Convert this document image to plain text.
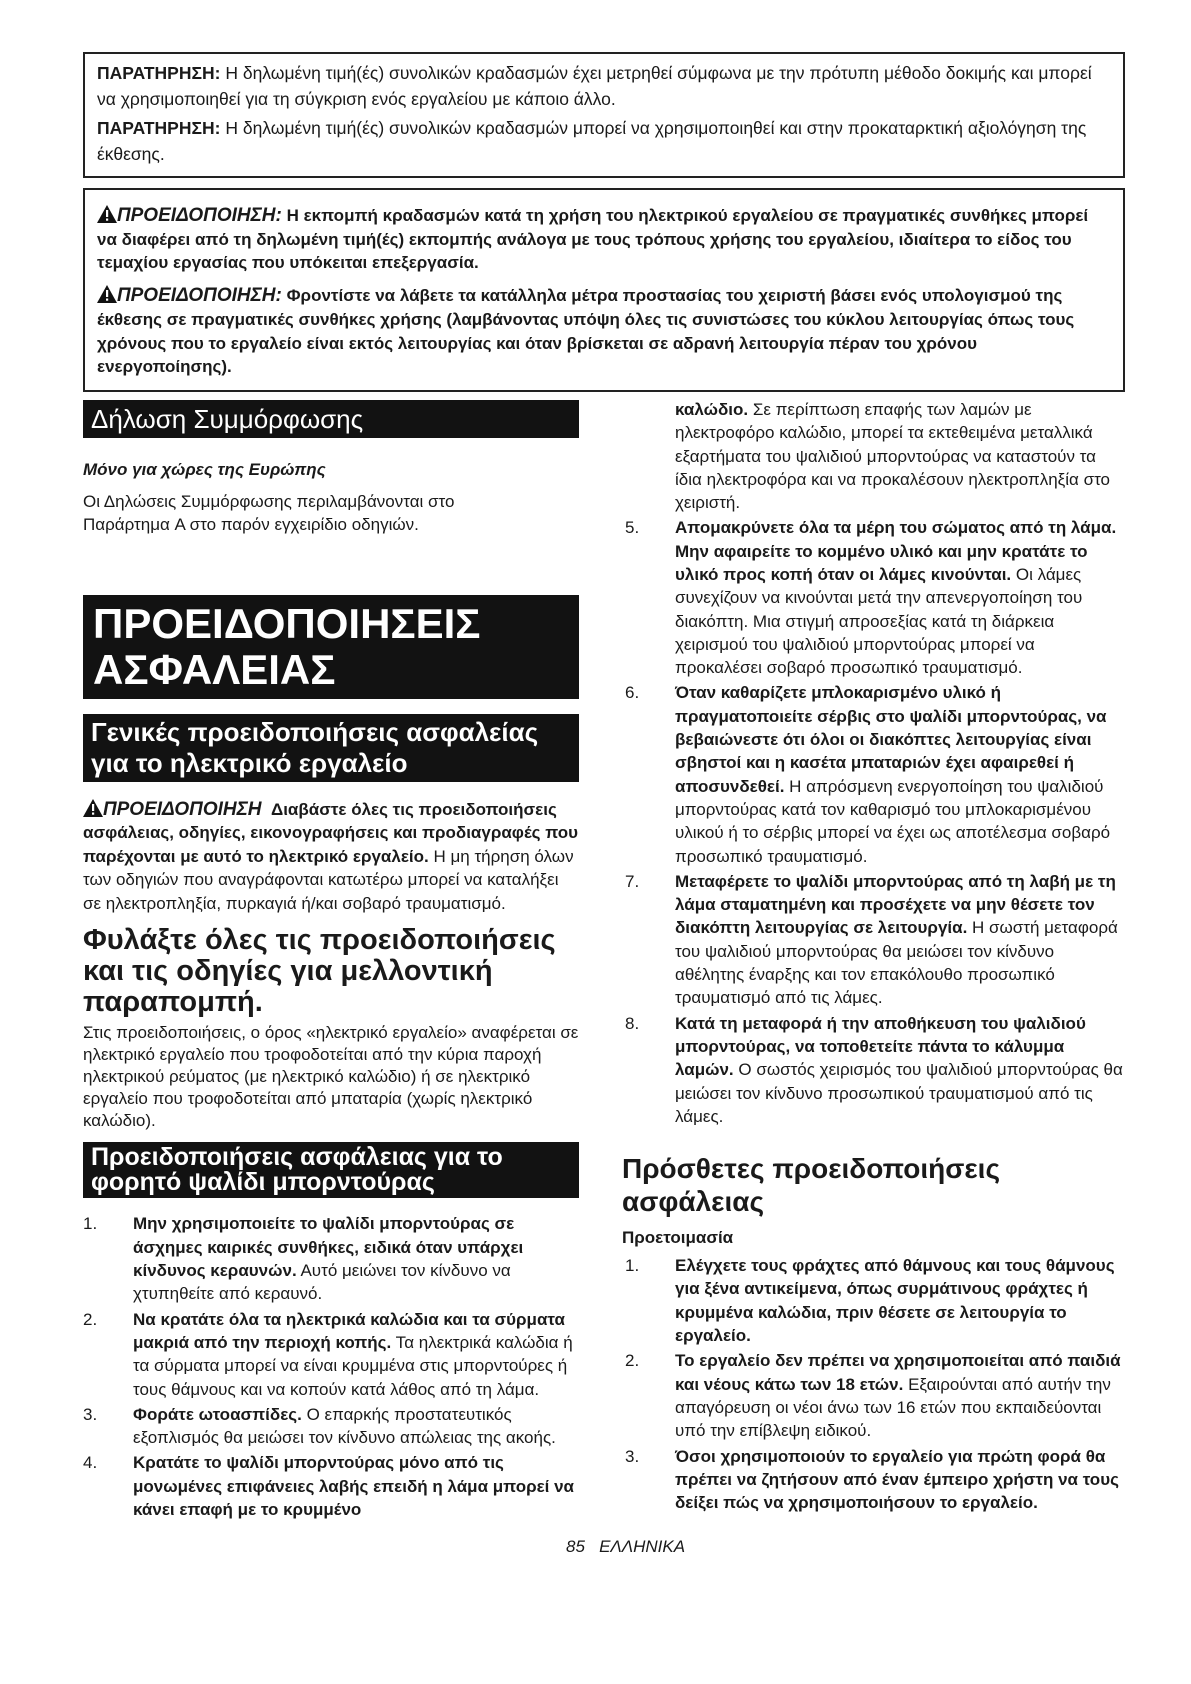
ΠΑΡΑΤΗΡΗΣΗ: Η δηλωμένη τιμή(ές) συνολικών κραδασμών έχει μετρηθεί σύμφωνα με την πρότυπη μέθοδο δοκιμής και μπορεί να χρησιμοποιηθεί για τη σύγκριση ενός εργαλείου με κάποιο άλλο.
ΠΑΡΑΤΗΡΗΣΗ: Η δηλωμένη τιμή(ές) συνολικών κραδασμών μπορεί να χρησιμοποιηθεί και στην προκαταρκτική αξιολόγηση της έκθεσης.
ΠΡΟΕΙΔΟΠΟΙΗΣΗ: Η εκπομπή κραδασμών κατά τη χρήση του ηλεκτρικού εργαλείου σε πραγματικές συνθήκες μπορεί να διαφέρει από τη δηλωμένη τιμή(ές) εκπομπής ανάλογα με τους τρόπους χρήσης του εργαλείου, ιδιαίτερα το είδος του τεμαχίου εργασίας που υπόκειται επεξεργασία.
ΠΡΟΕΙΔΟΠΟΙΗΣΗ: Φροντίστε να λάβετε τα κατάλληλα μέτρα προστασίας του χειριστή βάσει ενός υπολογισμού της έκθεσης σε πραγματικές συνθήκες χρήσης (λαμβάνοντας υπόψη όλες τις συνιστώσες του κύκλου λειτουργίας όπως τους χρόνους που το εργαλείο είναι εκτός λειτουργίας και όταν βρίσκεται σε αδρανή λειτουργία πέραν του χρόνου ενεργοποίησης).
Δήλωση Συμμόρφωσης
Μόνο για χώρες της Ευρώπης
Οι Δηλώσεις Συμμόρφωσης περιλαμβάνονται στο Παράρτημα A στο παρόν εγχειρίδιο οδηγιών.
ΠΡΟΕΙΔΟΠΟΙΗΣΕΙΣ
ΑΣΦΑΛΕΙΑΣ
Γενικές προειδοποιήσεις ασφαλείας για το ηλεκτρικό εργαλείο
ΠΡΟΕΙΔΟΠΟΙΗΣΗ Διαβάστε όλες τις προειδοποιήσεις ασφάλειας, οδηγίες, εικονογραφήσεις και προδιαγραφές που παρέχονται με αυτό το ηλεκτρικό εργαλείο. Η μη τήρηση όλων των οδηγιών που αναγράφονται κατωτέρω μπορεί να καταλήξει σε ηλεκτροπληξία, πυρκαγιά ή/και σοβαρό τραυματισμό.
Φυλάξτε όλες τις προειδοποιήσεις και τις οδηγίες για μελλοντική παραπομπή.
Στις προειδοποιήσεις, ο όρος «ηλεκτρικό εργαλείο» αναφέρεται σε ηλεκτρικό εργαλείο που τροφοδοτείται από την κύρια παροχή ηλεκτρικού ρεύματος (με ηλεκτρικό καλώδιο) ή σε ηλεκτρικό εργαλείο που τροφοδοτείται από μπαταρία (χωρίς ηλεκτρικό καλώδιο).
Προειδοποιήσεις ασφάλειας για το φορητό ψαλίδι μπορντούρας
1. Μην χρησιμοποιείτε το ψαλίδι μπορντούρας σε άσχημες καιρικές συνθήκες, ειδικά όταν υπάρχει κίνδυνος κεραυνών. Αυτό μειώνει τον κίνδυνο να χτυπηθείτε από κεραυνό.
2. Να κρατάτε όλα τα ηλεκτρικά καλώδια και τα σύρματα μακριά από την περιοχή κοπής. Τα ηλεκτρικά καλώδια ή τα σύρματα μπορεί να είναι κρυμμένα στις μπορντούρες ή τους θάμνους και να κοπούν κατά λάθος από τη λάμα.
3. Φοράτε ωτοασπίδες. Ο επαρκής προστατευτικός εξοπλισμός θα μειώσει τον κίνδυνο απώλειας της ακοής.
4. Κρατάτε το ψαλίδι μπορντούρας μόνο από τις μονωμένες επιφάνειες λαβής επειδή η λάμα μπορεί να κάνει επαφή με το κρυμμένο
καλώδιο. Σε περίπτωση επαφής των λαμών με ηλεκτροφόρο καλώδιο, μπορεί τα εκτεθειμένα μεταλλικά εξαρτήματα του ψαλιδιού μπορντούρας να καταστούν τα ίδια ηλεκτροφόρα και να προκαλέσουν ηλεκτροπληξία στο χειριστή.
5. Απομακρύνετε όλα τα μέρη του σώματος από τη λάμα. Μην αφαιρείτε το κομμένο υλικό και μην κρατάτε το υλικό προς κοπή όταν οι λάμες κινούνται. Οι λάμες συνεχίζουν να κινούνται μετά την απενεργοποίηση του διακόπτη. Μια στιγμή απροσεξίας κατά τη διάρκεια χειρισμού του ψαλιδιού μπορντούρας μπορεί να προκαλέσει σοβαρό προσωπικό τραυματισμό.
6. Όταν καθαρίζετε μπλοκαρισμένο υλικό ή πραγματοποιείτε σέρβις στο ψαλίδι μπορντούρας, να βεβαιώνεστε ότι όλοι οι διακόπτες λειτουργίας είναι σβηστοί και η κασέτα μπαταριών έχει αφαιρεθεί ή αποσυνδεθεί. Η απρόσμενη ενεργοποίηση του ψαλιδιού μπορντούρας κατά τον καθαρισμό του μπλοκαρισμένου υλικού ή το σέρβις μπορεί να έχει ως αποτέλεσμα σοβαρό προσωπικό τραυματισμό.
7. Μεταφέρετε το ψαλίδι μπορντούρας από τη λαβή με τη λάμα σταματημένη και προσέχετε να μην θέσετε τον διακόπτη λειτουργίας σε λειτουργία. Η σωστή μεταφορά του ψαλιδιού μπορντούρας θα μειώσει τον κίνδυνο αθέλητης έναρξης και τον επακόλουθο προσωπικό τραυματισμό από τις λάμες.
8. Κατά τη μεταφορά ή την αποθήκευση του ψαλιδιού μπορντούρας, να τοποθετείτε πάντα το κάλυμμα λαμών. Ο σωστός χειρισμός του ψαλιδιού μπορντούρας θα μειώσει τον κίνδυνο προσωπικού τραυματισμού από τις λάμες.
Πρόσθετες προειδοποιήσεις ασφάλειας
Προετοιμασία
1. Ελέγχετε τους φράχτες από θάμνους και τους θάμνους για ξένα αντικείμενα, όπως συρμάτινους φράχτες ή κρυμμένα καλώδια, πριν θέσετε σε λειτουργία το εργαλείο.
2. Το εργαλείο δεν πρέπει να χρησιμοποιείται από παιδιά και νέους κάτω των 18 ετών. Εξαιρούνται από αυτήν την απαγόρευση οι νέοι άνω των 16 ετών που εκπαιδεύονται υπό την επίβλεψη ειδικού.
3. Όσοι χρησιμοποιούν το εργαλείο για πρώτη φορά θα πρέπει να ζητήσουν από έναν έμπειρο χρήστη να τους δείξει πώς να χρησιμοποιήσουν το εργαλείο.
85 ΕΛΛΗΝΙΚΑ
